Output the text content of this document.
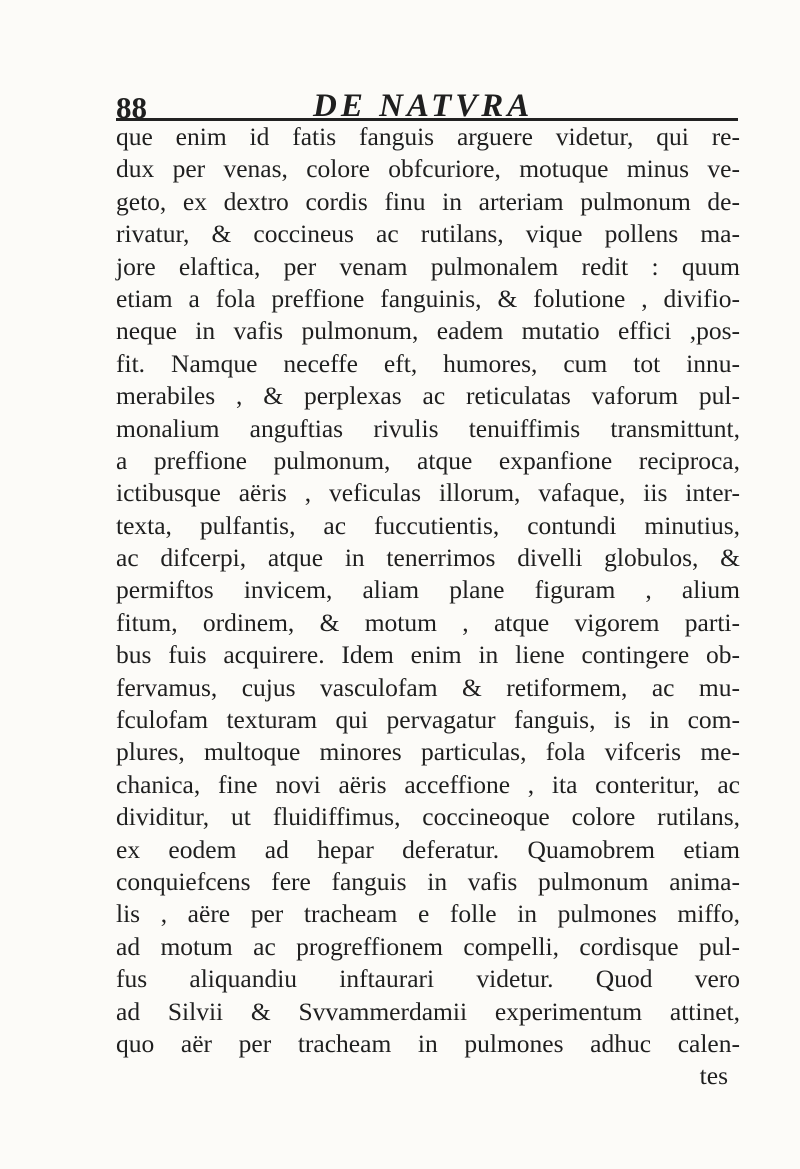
88	DE NATVRA
que enim id fatis fanguis arguere videtur, qui re-
dux per venas, colore obfcuriore, motuque minus ve-
geto, ex dextro cordis finu in arteriam pulmonum de-
rivatur, & coccineus ac rutilans, vique pollens ma-
jore elaftica, per venam pulmonalem redit : quum
etiam a fola preffione fanguinis, & folutione , divifio-
neque in vafis pulmonum, eadem mutatio effici ,pos-
fit. Namque neceffe eft, humores, cum tot innu-
merabiles , & perplexas ac reticulatas vaforum pul-
monalium anguftias rivulis tenuiffimis transmittunt,
a preffione pulmonum, atque expanfione reciproca,
ictibusque aëris , veficulas illorum, vafaque, iis inter-
texta, pulfantis, ac fuccutientis, contundi minutius,
ac difcerpi, atque in tenerrimos divelli globulos, &
permiftos invicem, aliam plane figuram , alium
fitum, ordinem, & motum , atque vigorem parti-
bus fuis acquirere. Idem enim in liene contingere ob-
fervamus, cujus vasculofam & retiformem, ac mu-
fculofam texturam qui pervagatur fanguis, is in com-
plures, multoque minores particulas, fola vifceris me-
chanica, fine novi aëris acceffione , ita conteritur, ac
dividitur, ut fluidiffimus, coccineoque colore rutilans,
ex eodem ad hepar deferatur. Quamobrem etiam
conquiefcens fere fanguis in vafis pulmonum anima-
lis , aëre per tracheam e folle in pulmones miffo,
ad motum ac progreffionem compelli, cordisque pul-
fus aliquandiu inftaurari videtur. Quod vero
ad Silvii & Svvammerdamii experimentum attinet,
quo aër per tracheam in pulmones adhuc calen-
tes
